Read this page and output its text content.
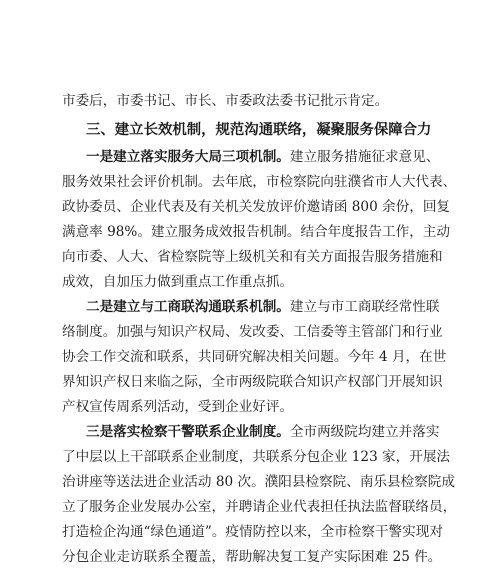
市委后，市委书记、市长、市委政法委书记批示肯定。
三、建立长效机制，规范沟通联络，凝聚服务保障合力
一是建立落实服务大局三项机制。建立服务措施征求意见、
服务效果社会评价机制。去年底，市检察院向驻濮省市人大代表、
政协委员、企业代表及有关机关发放评价邀请函 800 余份，回复
满意率 98%。建立服务成效报告机制。结合年度报告工作，主动
向市委、人大、省检察院等上级机关和有关方面报告服务措施和
成效，自加压力做到重点工作重点抓。
二是建立与工商联沟通联系机制。建立与市工商联经常性联
络制度。加强与知识产权局、发改委、工信委等主管部门和行业
协会工作交流和联系，共同研究解决相关问题。今年 4 月，在世
界知识产权日来临之际，全市两级院联合知识产权部门开展知识
产权宣传周系列活动，受到企业好评。
三是落实检察干警联系企业制度。全市两级院均建立并落实
了中层以上干部联系企业制度，共联系分包企业 123 家，开展法
治讲座等送法进企业活动 80 次。濮阳县检察院、南乐县检察院成
立了服务企业发展办公室，并聘请企业代表担任执法监督联络员，
打造检企沟通“绿色通道”。疫情防控以来，全市检察干警实现对
分包企业走访联系全覆盖，帮助解决复工复产实际困难 25 件。
